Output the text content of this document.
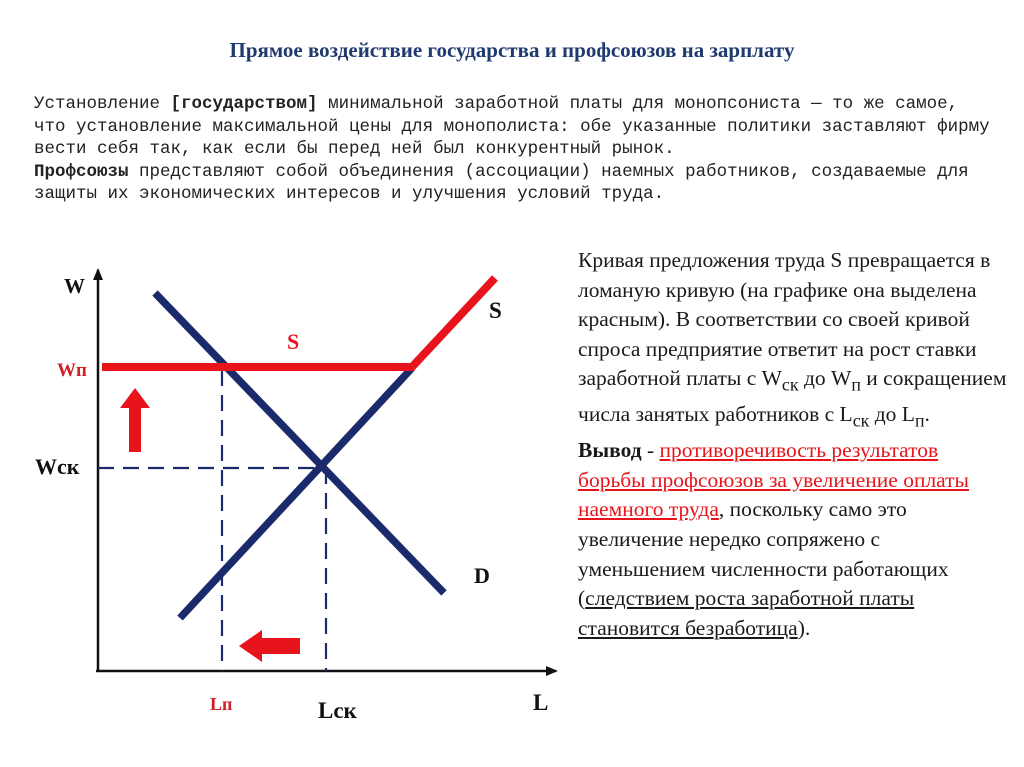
Прямое воздействие государства и профсоюзов на зарплату

Установление [государством] минимальной заработной платы для монопсониста — то же самое, что установление максимальной цены для монополиста: обе указанные политики заставляют фирму вести себя так, как если бы перед ней был конкурентный рынок.

Профсоюзы представляют собой объединения (ассоциации) наемных работников, создаваемые для защиты их экономических интересов и улучшения условий труда.

W
L
Wп
Wск
Lп	Lск
S
S
D

Кривая предложения труда S превращается в ломаную кривую (на графике она выделена красным). В соответствии со своей кривой спроса предприятие ответит на рост ставки заработной платы с $W_{ск}$ до $W_п$ и сокращением числа занятых работников с $L_{ск}$ до $L_п$.

Вывод - противоречивость результатов борьбы профсоюзов за увеличение оплаты наемного труда, поскольку само это увеличение нередко сопряжено с уменьшением численности работающих (следствием роста заработной платы становится безработица).
